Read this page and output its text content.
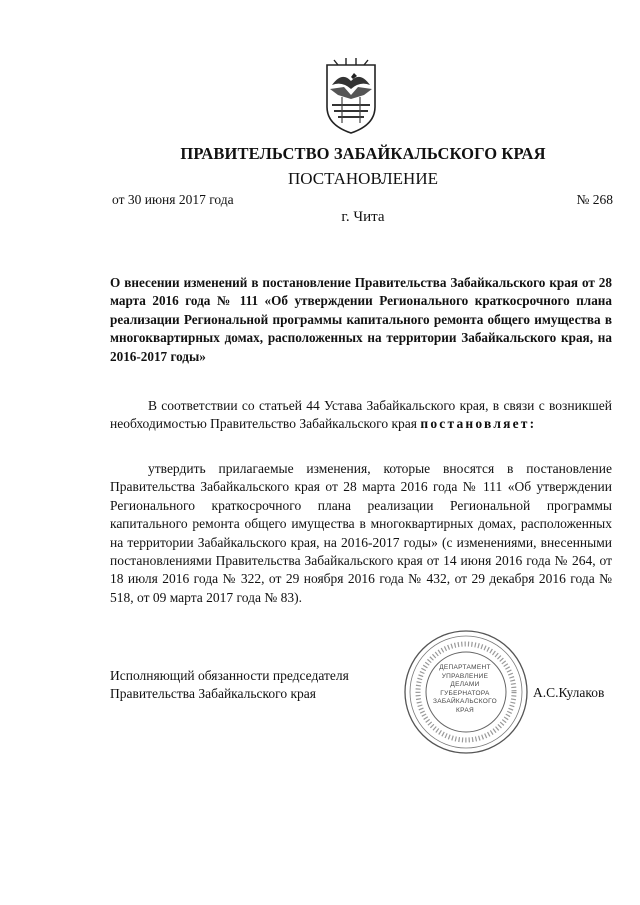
ПРАВИТЕЛЬСТВО ЗАБАЙКАЛЬСКОГО КРАЯ
ПОСТАНОВЛЕНИЕ
от 30 июня 2017 года	№ 268
г. Чита
О внесении изменений в постановление Правительства Забайкальского края от 28 марта 2016 года № 111 «Об утверждении Регионального краткосрочного плана реализации Региональной программы капитального ремонта общего имущества в многоквартирных домах, расположенных на территории Забайкальского края, на 2016-2017 годы»
В соответствии со статьей 44 Устава Забайкальского края, в связи с возникшей необходимостью Правительство Забайкальского края постановляет:
утвердить прилагаемые изменения, которые вносятся в постановление Правительства Забайкальского края от 28 марта 2016 года № 111 «Об утверждении Регионального краткосрочного плана реализации Региональной программы капитального ремонта общего имущества в многоквартирных домах, расположенных на территории Забайкальского края, на 2016-2017 годы» (с изменениями, внесенными постановлениями Правительства Забайкальского края от 14 июня 2016 года № 264, от 18 июля 2016 года № 322, от 29 ноября 2016 года № 432, от 29 декабря 2016 года № 518, от 09 марта 2017 года № 83).
Исполняющий обязанности председателя
Правительства Забайкальского края
ДЕПАРТАМЕНТ
УПРАВЛЕНИЕ
ДЕЛАМИ
ГУБЕРНАТОРА
ЗАБАЙКАЛЬСКОГО
КРАЯ
А.С.Кулаков
